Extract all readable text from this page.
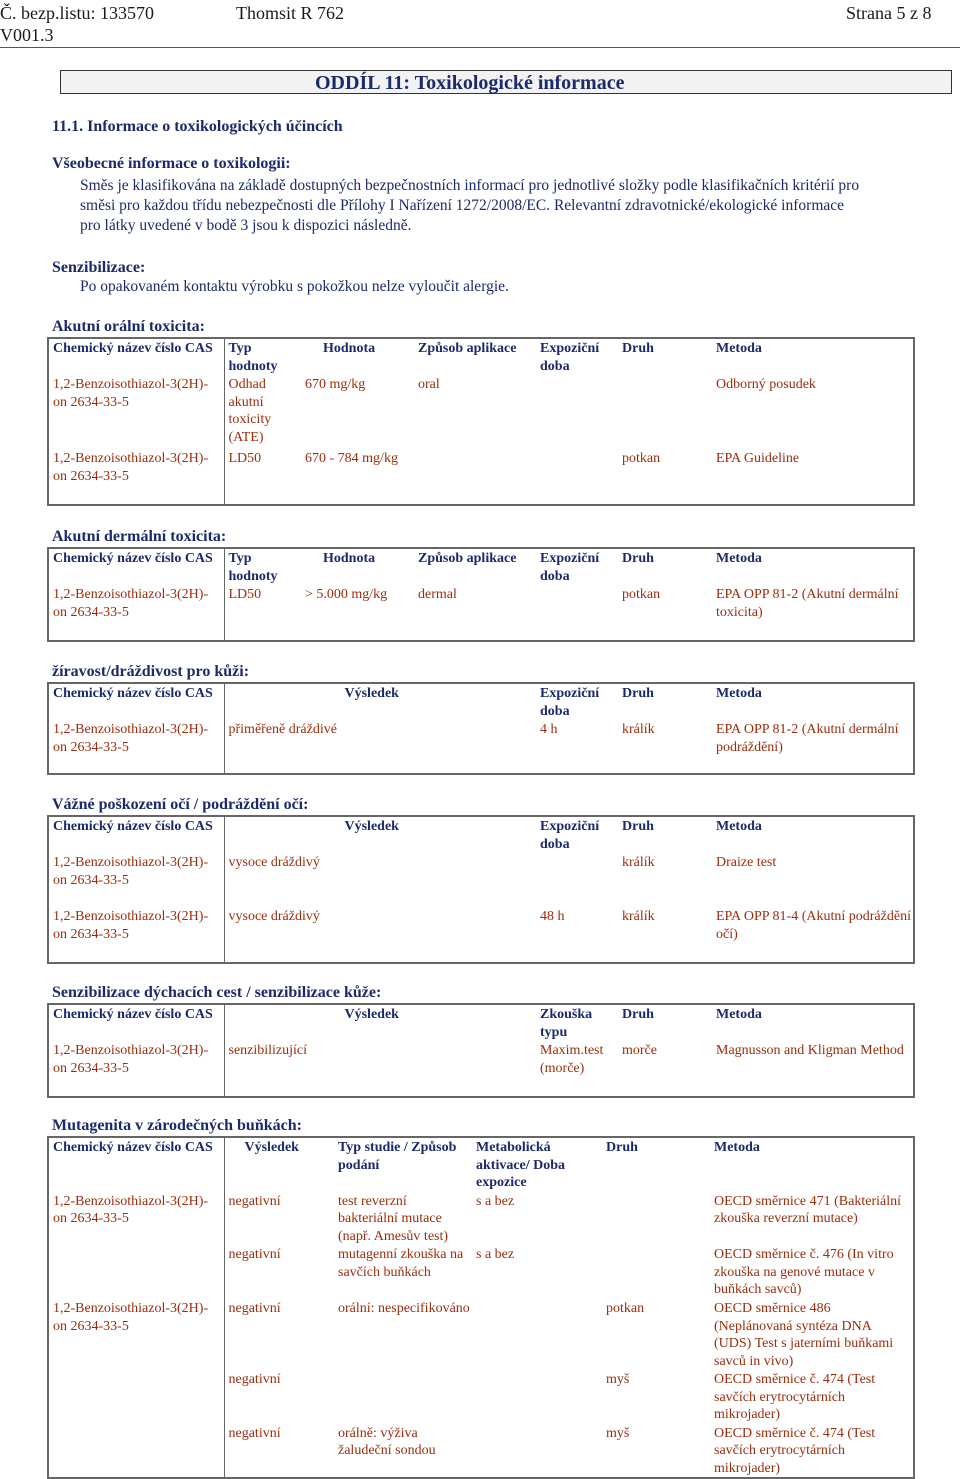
Č. bezp.listu: 133570
V001.3
Thomsit R 762	Strana 5 z 8
ODDÍL 11: Toxikologické informace
11.1. Informace o toxikologických účincích
Všeobecné informace o toxikologii:
Směs je klasifikována na základě dostupných bezpečnostních informací pro jednotlivé složky podle klasifikačních kritérií pro
směsi pro každou třídu nebezpečnosti dle Přílohy I Nařízení 1272/2008/EC. Relevantní zdravotnické/ekologické informace
pro látky uvedené v bodě 3 jsou k dispozici následně.
Senzibilizace:
Po opakovaném kontaktu výrobku s pokožkou nelze vyloučit alergie.
Akutní orální toxicita:
Chemický název číslo CAS	Typ hodnoty	Hodnota	Způsob aplikace	Expoziční doba	Druh	Metoda
1,2-Benzoisothiazol-3(2H)-on 2634-33-5	Odhad akutní toxicity (ATE)	670 mg/kg	oral			Odborný posudek
1,2-Benzoisothiazol-3(2H)-on 2634-33-5	LD50	670 - 784 mg/kg			potkan	EPA Guideline
Akutní dermální toxicita:
Chemický název číslo CAS	Typ hodnoty	Hodnota	Způsob aplikace	Expoziční doba	Druh	Metoda
1,2-Benzoisothiazol-3(2H)-on 2634-33-5	LD50	> 5.000 mg/kg	dermal		potkan	EPA OPP 81-2 (Akutní dermální toxicita)
žíravost/dráždivost pro kůži:
Chemický název číslo CAS	Výsledek	Expoziční doba	Druh	Metoda
1,2-Benzoisothiazol-3(2H)-on 2634-33-5	přiměřeně dráždivé	4 h	králík	EPA OPP 81-2 (Akutní dermální podráždění)
Vážné poškození očí / podráždění očí:
Chemický název číslo CAS	Výsledek	Expoziční doba	Druh	Metoda
1,2-Benzoisothiazol-3(2H)-on 2634-33-5	vysoce dráždivý		králík	Draize test
1,2-Benzoisothiazol-3(2H)-on 2634-33-5	vysoce dráždivý	48 h	králík	EPA OPP 81-4 (Akutní podráždění očí)
Senzibilizace dýchacích cest / senzibilizace kůže:
Chemický název číslo CAS	Výsledek	Zkouška typu	Druh	Metoda
1,2-Benzoisothiazol-3(2H)-on 2634-33-5	senzibilizující	Maxim.test (morče)	morče	Magnusson and Kligman Method
Mutagenita v zárodečných buňkách:
Chemický název číslo CAS	Výsledek	Typ studie / Způsob podání	Metabolická aktivace/ Doba expozice	Druh	Metoda
1,2-Benzoisothiazol-3(2H)-on 2634-33-5	negativní	test reverzní bakteriální mutace (např. Amesův test)	s a bez		OECD směrnice 471 (Bakteriální zkouška reverzní mutace)
	negativní	mutagenní zkouška na savčích buňkách	s a bez		OECD směrnice č. 476 (In vitro zkouška na genové mutace v buňkách savců)
1,2-Benzoisothiazol-3(2H)-on 2634-33-5	negativní	orální: nespecifikováno		potkan	OECD směrnice 486 (Neplánovaná syntéza DNA (UDS) Test s jaterními buňkami savců in vivo)
	negativní			myš	OECD směrnice č. 474 (Test savčích erytrocytárních mikrojader)
	negativní	orálně: výživa žaludeční sondou		myš	OECD směrnice č. 474 (Test savčích erytrocytárních mikrojader)
